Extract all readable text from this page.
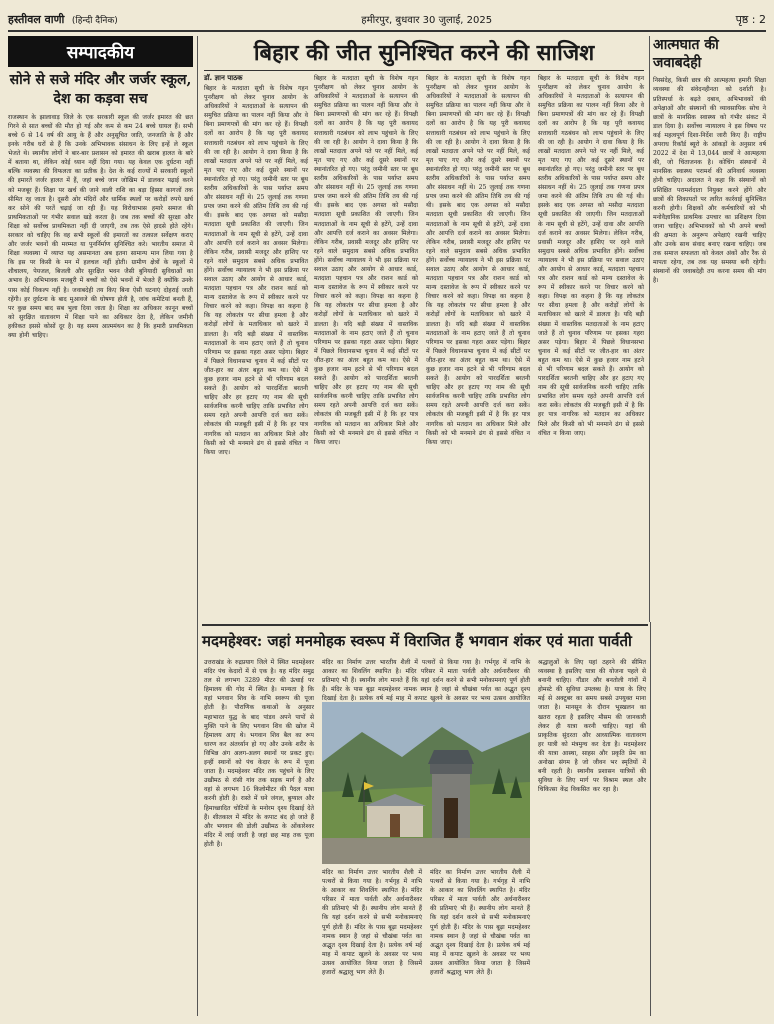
हस्तीवल वाणी (हिन्दी दैनिक)	हमीरपुर, बुधवार 30 जुलाई, 2025	पृष्ठ : 2
सम्पादकीय
सोने से सजे मंदिर और जर्जर स्कूल, देश का कड़वा सच
राजस्थान के झालावाड़ जिले के एक सरकारी स्कूल की जर्जर इमारत की छत गिरने से सात बच्चों की मौत हो गई और कम से कम 24 बच्चे घायल हैं। सभी बच्चे 6 से 14 वर्ष की आयु के हैं और अनुसूचित जाति, जनजाति के हैं और इनके गरीब घरों से हैं कि उनके अभिभावक संसाधन के लिए इन्हें ले स्कूल भेजते थे। स्थानीय लोगों ने बार-बार प्रशासन को इमारत की खराब हालत के बारे में बताया था, लेकिन कोई ध्यान नहीं दिया गया। यह केवल एक दुर्घटना नहीं बल्कि व्यवस्था की विफलता का प्रतीक है। देश के कई राज्यों में सरकारी स्कूलों की इमारतें जर्जर हालत में हैं, जहां बच्चे जान जोखिम में डालकर पढ़ाई करने को मजबूर हैं। शिक्षा पर खर्च की जाने वाली राशि का बड़ा हिस्सा कागजों तक सीमित रह जाता है। दूसरी ओर मंदिरों और धार्मिक स्थलों पर करोड़ों रुपये खर्च कर सोने की परतें चढ़ाई जा रही हैं। यह विरोधाभास हमारे समाज की प्राथमिकताओं पर गंभीर सवाल खड़े करता है। जब तक बच्चों की सुरक्षा और शिक्षा को सर्वोच्च प्राथमिकता नहीं दी जाएगी, तब तक ऐसे हादसे होते रहेंगे। सरकार को चाहिए कि वह सभी स्कूलों की इमारतों का तत्काल सर्वेक्षण कराए और जर्जर भवनों की मरम्मत या पुनर्निर्माण सुनिश्चित करे। भारतीय समाज में शिक्षा व्यवस्था में व्याप्त यह असमानता अब इतना सामान्य मान लिया गया है कि इस पर किसी के मन में हलचल नहीं होती। ग्रामीण क्षेत्रों के स्कूलों में शौचालय, पेयजल, बिजली और सुरक्षित भवन जैसी बुनियादी सुविधाओं का अभाव है। अभिभावक मजबूरी में बच्चों को ऐसे भवनों में भेजते हैं क्योंकि उनके पास कोई विकल्प नहीं है। जवाबदेही तय किए बिना ऐसी घटनाएं दोहराई जाती रहेंगी। हर दुर्घटना के बाद मुआवजे की घोषणा होती है, जांच कमेटियां बनती हैं, पर कुछ समय बाद सब भुला दिया जाता है। शिक्षा का अधिकार कानून बच्चों को सुरक्षित वातावरण में शिक्षा पाने का अधिकार देता है, लेकिन जमीनी हकीकत इससे कोसों दूर है। यह समय आत्ममंथन का है कि हमारी प्राथमिकता क्या होनी चाहिए।
बिहार की जीत सुनिश्चित करने की साजिश
डॉ. ज्ञान पाठक
बिहार के मतदाता सूची के विशेष गहन पुनरीक्षण को लेकर चुनाव आयोग के अधिकारियों ने मतदाताओं के सत्यापन की समुचित प्रक्रिया का पालन नहीं किया और वे बिना प्रमाणपत्रों की मांग कर रहे हैं। विपक्षी दलों का आरोप है कि यह पूरी कवायद सत्ताधारी गठबंधन को लाभ पहुंचाने के लिए की जा रही है। आयोग ने दावा किया है कि लाखों मतदाता अपने पते पर नहीं मिले, कई मृत पाए गए और कई दूसरे स्थानों पर स्थानांतरित हो गए। परंतु जमीनी स्तर पर बूथ स्तरीय अधिकारियों के पास पर्याप्त समय और संसाधन नहीं थे। 25 जुलाई तक गणना प्रपत्र जमा करने की अंतिम तिथि तय की गई थी। इसके बाद एक अगस्त को मसौदा मतदाता सूची प्रकाशित की जाएगी। जिन मतदाताओं के नाम सूची से हटेंगे, उन्हें दावा और आपत्ति दर्ज कराने का अवसर मिलेगा। लेकिन गरीब, प्रवासी मजदूर और हाशिए पर रहने वाले समुदाय सबसे अधिक प्रभावित होंगे। सर्वोच्च न्यायालय ने भी इस प्रक्रिया पर सवाल उठाए और आयोग से आधार कार्ड, मतदाता पहचान पत्र और राशन कार्ड को मान्य दस्तावेज के रूप में स्वीकार करने पर विचार करने को कहा। विपक्ष का कहना है कि यह लोकतंत्र पर सीधा हमला है और करोड़ों लोगों के मताधिकार को खतरे में डालता है। यदि बड़ी संख्या में वास्तविक मतदाताओं के नाम हटाए जाते हैं तो चुनाव परिणाम पर इसका गहरा असर पड़ेगा। बिहार में पिछले विधानसभा चुनाव में कई सीटों पर जीत-हार का अंतर बहुत कम था। ऐसे में कुछ हजार नाम हटने से भी परिणाम बदल सकते हैं। आयोग को पारदर्शिता बरतनी चाहिए और हर हटाए गए नाम की सूची सार्वजनिक करनी चाहिए ताकि प्रभावित लोग समय रहते अपनी आपत्ति दर्ज करा सकें। लोकतंत्र की मजबूती इसी में है कि हर पात्र नागरिक को मतदान का अधिकार मिले और किसी को भी मनमाने ढंग से इससे वंचित न किया जाए।
बिहार के मतदाता सूची के विशेष गहन पुनरीक्षण को लेकर चुनाव आयोग के अधिकारियों ने मतदाताओं के सत्यापन की समुचित प्रक्रिया का पालन नहीं किया और वे बिना प्रमाणपत्रों की मांग कर रहे हैं। विपक्षी दलों का आरोप है कि यह पूरी कवायद सत्ताधारी गठबंधन को लाभ पहुंचाने के लिए की जा रही है। आयोग ने दावा किया है कि लाखों मतदाता अपने पते पर नहीं मिले, कई मृत पाए गए और कई दूसरे स्थानों पर स्थानांतरित हो गए। परंतु जमीनी स्तर पर बूथ स्तरीय अधिकारियों के पास पर्याप्त समय और संसाधन नहीं थे। 25 जुलाई तक गणना प्रपत्र जमा करने की अंतिम तिथि तय की गई थी। इसके बाद एक अगस्त को मसौदा मतदाता सूची प्रकाशित की जाएगी। जिन मतदाताओं के नाम सूची से हटेंगे, उन्हें दावा और आपत्ति दर्ज कराने का अवसर मिलेगा। लेकिन गरीब, प्रवासी मजदूर और हाशिए पर रहने वाले समुदाय सबसे अधिक प्रभावित होंगे। सर्वोच्च न्यायालय ने भी इस प्रक्रिया पर सवाल उठाए और आयोग से आधार कार्ड, मतदाता पहचान पत्र और राशन कार्ड को मान्य दस्तावेज के रूप में स्वीकार करने पर विचार करने को कहा। विपक्ष का कहना है कि यह लोकतंत्र पर सीधा हमला है और करोड़ों लोगों के मताधिकार को खतरे में डालता है। यदि बड़ी संख्या में वास्तविक मतदाताओं के नाम हटाए जाते हैं तो चुनाव परिणाम पर इसका गहरा असर पड़ेगा। बिहार में पिछले विधानसभा चुनाव में कई सीटों पर जीत-हार का अंतर बहुत कम था। ऐसे में कुछ हजार नाम हटने से भी परिणाम बदल सकते हैं। आयोग को पारदर्शिता बरतनी चाहिए और हर हटाए गए नाम की सूची सार्वजनिक करनी चाहिए ताकि प्रभावित लोग समय रहते अपनी आपत्ति दर्ज करा सकें। लोकतंत्र की मजबूती इसी में है कि हर पात्र नागरिक को मतदान का अधिकार मिले और किसी को भी मनमाने ढंग से इससे वंचित न किया जाए।
बिहार के मतदाता सूची के विशेष गहन पुनरीक्षण को लेकर चुनाव आयोग के अधिकारियों ने मतदाताओं के सत्यापन की समुचित प्रक्रिया का पालन नहीं किया और वे बिना प्रमाणपत्रों की मांग कर रहे हैं। विपक्षी दलों का आरोप है कि यह पूरी कवायद सत्ताधारी गठबंधन को लाभ पहुंचाने के लिए की जा रही है। आयोग ने दावा किया है कि लाखों मतदाता अपने पते पर नहीं मिले, कई मृत पाए गए और कई दूसरे स्थानों पर स्थानांतरित हो गए। परंतु जमीनी स्तर पर बूथ स्तरीय अधिकारियों के पास पर्याप्त समय और संसाधन नहीं थे। 25 जुलाई तक गणना प्रपत्र जमा करने की अंतिम तिथि तय की गई थी। इसके बाद एक अगस्त को मसौदा मतदाता सूची प्रकाशित की जाएगी। जिन मतदाताओं के नाम सूची से हटेंगे, उन्हें दावा और आपत्ति दर्ज कराने का अवसर मिलेगा। लेकिन गरीब, प्रवासी मजदूर और हाशिए पर रहने वाले समुदाय सबसे अधिक प्रभावित होंगे। सर्वोच्च न्यायालय ने भी इस प्रक्रिया पर सवाल उठाए और आयोग से आधार कार्ड, मतदाता पहचान पत्र और राशन कार्ड को मान्य दस्तावेज के रूप में स्वीकार करने पर विचार करने को कहा। विपक्ष का कहना है कि यह लोकतंत्र पर सीधा हमला है और करोड़ों लोगों के मताधिकार को खतरे में डालता है। यदि बड़ी संख्या में वास्तविक मतदाताओं के नाम हटाए जाते हैं तो चुनाव परिणाम पर इसका गहरा असर पड़ेगा। बिहार में पिछले विधानसभा चुनाव में कई सीटों पर जीत-हार का अंतर बहुत कम था। ऐसे में कुछ हजार नाम हटने से भी परिणाम बदल सकते हैं। आयोग को पारदर्शिता बरतनी चाहिए और हर हटाए गए नाम की सूची सार्वजनिक करनी चाहिए ताकि प्रभावित लोग समय रहते अपनी आपत्ति दर्ज करा सकें। लोकतंत्र की मजबूती इसी में है कि हर पात्र नागरिक को मतदान का अधिकार मिले और किसी को भी मनमाने ढंग से इससे वंचित न किया जाए।
बिहार के मतदाता सूची के विशेष गहन पुनरीक्षण को लेकर चुनाव आयोग के अधिकारियों ने मतदाताओं के सत्यापन की समुचित प्रक्रिया का पालन नहीं किया और वे बिना प्रमाणपत्रों की मांग कर रहे हैं। विपक्षी दलों का आरोप है कि यह पूरी कवायद सत्ताधारी गठबंधन को लाभ पहुंचाने के लिए की जा रही है। आयोग ने दावा किया है कि लाखों मतदाता अपने पते पर नहीं मिले, कई मृत पाए गए और कई दूसरे स्थानों पर स्थानांतरित हो गए। परंतु जमीनी स्तर पर बूथ स्तरीय अधिकारियों के पास पर्याप्त समय और संसाधन नहीं थे। 25 जुलाई तक गणना प्रपत्र जमा करने की अंतिम तिथि तय की गई थी। इसके बाद एक अगस्त को मसौदा मतदाता सूची प्रकाशित की जाएगी। जिन मतदाताओं के नाम सूची से हटेंगे, उन्हें दावा और आपत्ति दर्ज कराने का अवसर मिलेगा। लेकिन गरीब, प्रवासी मजदूर और हाशिए पर रहने वाले समुदाय सबसे अधिक प्रभावित होंगे। सर्वोच्च न्यायालय ने भी इस प्रक्रिया पर सवाल उठाए और आयोग से आधार कार्ड, मतदाता पहचान पत्र और राशन कार्ड को मान्य दस्तावेज के रूप में स्वीकार करने पर विचार करने को कहा। विपक्ष का कहना है कि यह लोकतंत्र पर सीधा हमला है और करोड़ों लोगों के मताधिकार को खतरे में डालता है। यदि बड़ी संख्या में वास्तविक मतदाताओं के नाम हटाए जाते हैं तो चुनाव परिणाम पर इसका गहरा असर पड़ेगा। बिहार में पिछले विधानसभा चुनाव में कई सीटों पर जीत-हार का अंतर बहुत कम था। ऐसे में कुछ हजार नाम हटने से भी परिणाम बदल सकते हैं। आयोग को पारदर्शिता बरतनी चाहिए और हर हटाए गए नाम की सूची सार्वजनिक करनी चाहिए ताकि प्रभावित लोग समय रहते अपनी आपत्ति दर्ज करा सकें। लोकतंत्र की मजबूती इसी में है कि हर पात्र नागरिक को मतदान का अधिकार मिले और किसी को भी मनमाने ढंग से इससे वंचित न किया जाए।
आत्मघात की जवाबदेही
निस्संदेह, किसी छात्र की आत्महत्या हमारी शिक्षा व्यवस्था की संवेदनहीनता को दर्शाती है। प्रतिस्पर्धा के बढ़ते दबाव, अभिभावकों की अपेक्षाओं और संस्थानों की व्यावसायिक सोच ने छात्रों के मानसिक स्वास्थ्य को गंभीर संकट में डाल दिया है। सर्वोच्च न्यायालय ने इस विषय पर कई महत्वपूर्ण दिशा-निर्देश जारी किए हैं। राष्ट्रीय अपराध रिकॉर्ड ब्यूरो के आंकड़ों के अनुसार वर्ष 2022 में देश में 13,044 छात्रों ने आत्महत्या की, जो चिंताजनक है। कोचिंग संस्थानों में मानसिक स्वास्थ्य परामर्श की अनिवार्य व्यवस्था होनी चाहिए। अदालत ने कहा कि संस्थानों को प्रशिक्षित परामर्शदाता नियुक्त करने होंगे और छात्रों की शिकायतों पर त्वरित कार्रवाई सुनिश्चित करनी होगी। शिक्षकों और कर्मचारियों को भी मनोवैज्ञानिक प्राथमिक उपचार का प्रशिक्षण दिया जाना चाहिए। अभिभावकों को भी अपने बच्चों की क्षमता के अनुरूप अपेक्षाएं रखनी चाहिए और उनके साथ संवाद बनाए रखना चाहिए। जब तक समाज सफलता को केवल अंकों और रैंक से मापता रहेगा, तब तक यह समस्या बनी रहेगी। संस्थानों की जवाबदेही तय करना समय की मांग है।
मदमहेश्वर: जहां मनमोहक स्वरूप में विराजित हैं भगवान शंकर एवं माता पार्वती
उत्तराखंड के रुद्रप्रयाग जिले में स्थित मदमहेश्वर मंदिर पंच केदारों में से एक है। यह मंदिर समुद्र तल से लगभग 3289 मीटर की ऊंचाई पर हिमालय की गोद में स्थित है। मान्यता है कि यहां भगवान शिव के नाभि स्वरूप की पूजा होती है। पौराणिक कथाओं के अनुसार महाभारत युद्ध के बाद पांडव अपने पापों से मुक्ति पाने के लिए भगवान शिव की खोज में हिमालय आए थे। भगवान शिव बैल का रूप धारण कर अंतर्ध्यान हो गए और उनके शरीर के विभिन्न अंग अलग-अलग स्थानों पर प्रकट हुए। इन्हीं स्थानों को पंच केदार के रूप में पूजा जाता है। मदमहेश्वर मंदिर तक पहुंचने के लिए उखीमठ से रांसी गांव तक सड़क मार्ग है और वहां से लगभग 16 किलोमीटर की पैदल यात्रा करनी होती है। रास्ते में घने जंगल, बुग्याल और हिमाच्छादित चोटियों के मनोरम दृश्य दिखाई देते हैं। शीतकाल में मंदिर के कपाट बंद हो जाते हैं और भगवान की डोली उखीमठ के ओंकारेश्वर मंदिर में लाई जाती है जहां छह माह तक पूजा होती है।
मंदिर का निर्माण उत्तर भारतीय शैली में पत्थरों से किया गया है। गर्भगृह में नाभि के आकार का शिवलिंग स्थापित है। मंदिर परिसर में माता पार्वती और अर्धनारीश्वर की प्रतिमाएं भी हैं। स्थानीय लोग मानते हैं कि यहां दर्शन करने से सभी मनोकामनाएं पूर्ण होती हैं। मंदिर के पास बूढ़ा मदमहेश्वर नामक स्थान है जहां से चौखंबा पर्वत का अद्भुत दृश्य दिखाई देता है। प्रत्येक वर्ष मई माह में कपाट खुलने के अवसर पर भव्य उत्सव आयोजित
मंदिर का निर्माण उत्तर भारतीय शैली में पत्थरों से किया गया है। गर्भगृह में नाभि के आकार का शिवलिंग स्थापित है। मंदिर परिसर में माता पार्वती और अर्धनारीश्वर की प्रतिमाएं भी हैं। स्थानीय लोग मानते हैं कि यहां दर्शन करने से सभी मनोकामनाएं पूर्ण होती हैं। मंदिर के पास बूढ़ा मदमहेश्वर नामक स्थान है जहां से चौखंबा पर्वत का अद्भुत दृश्य दिखाई देता है। प्रत्येक वर्ष मई माह में कपाट खुलने के अवसर पर भव्य उत्सव आयोजित किया जाता है जिसमें हजारों श्रद्धालु भाग लेते हैं।
मंदिर का निर्माण उत्तर भारतीय शैली में पत्थरों से किया गया है। गर्भगृह में नाभि के आकार का शिवलिंग स्थापित है। मंदिर परिसर में माता पार्वती और अर्धनारीश्वर की प्रतिमाएं भी हैं। स्थानीय लोग मानते हैं कि यहां दर्शन करने से सभी मनोकामनाएं पूर्ण होती हैं। मंदिर के पास बूढ़ा मदमहेश्वर नामक स्थान है जहां से चौखंबा पर्वत का अद्भुत दृश्य दिखाई देता है। प्रत्येक वर्ष मई माह में कपाट खुलने के अवसर पर भव्य उत्सव आयोजित किया जाता है जिसमें हजारों श्रद्धालु भाग लेते हैं।
श्रद्धालुओं के लिए यहां ठहरने की सीमित व्यवस्था है इसलिए यात्रा की योजना पहले से बनानी चाहिए। गौंडार और बनतोली गांवों में होमस्टे की सुविधा उपलब्ध है। यात्रा के लिए मई से अक्टूबर का समय सबसे उपयुक्त माना जाता है। मानसून के दौरान भूस्खलन का खतरा रहता है इसलिए मौसम की जानकारी लेकर ही यात्रा करनी चाहिए। यहां की प्राकृतिक सुंदरता और आध्यात्मिक वातावरण हर यात्री को मंत्रमुग्ध कर देता है। मदमहेश्वर की यात्रा आस्था, साहस और प्रकृति प्रेम का अनोखा संगम है जो जीवन भर स्मृतियों में बनी रहती है। स्थानीय प्रशासन यात्रियों की सुविधा के लिए मार्ग पर विश्राम स्थल और चिकित्सा केंद्र विकसित कर रहा है।
